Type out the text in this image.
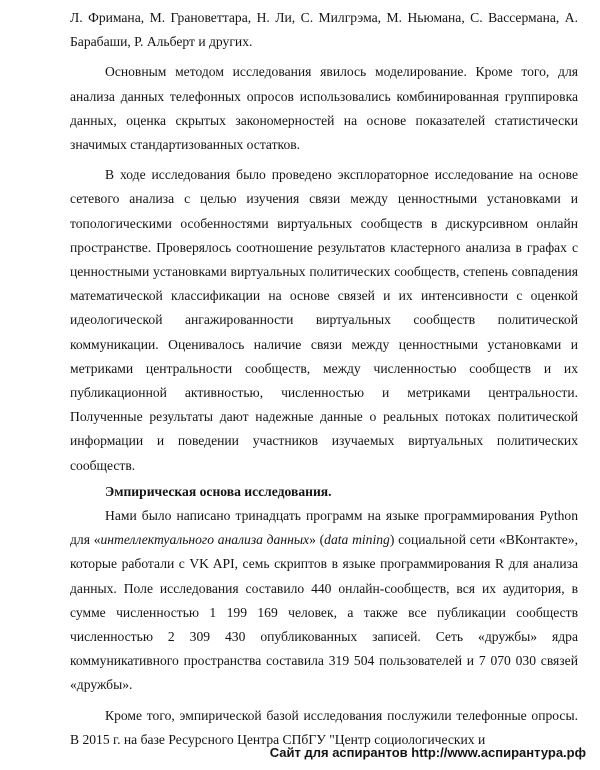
Л. Фримана, М. Грановеттара, Н. Ли, С. Милгрэма, М. Ньюмана, С. Вассермана, А. Барабаши, Р. Альберт и других.

Основным методом исследования явилось моделирование. Кроме того, для анализа данных телефонных опросов использовались комбинированная группировка данных, оценка скрытых закономерностей на основе показателей статистически значимых стандартизованных остатков.

В ходе исследования было проведено эксплораторное исследование на основе сетевого анализа с целью изучения связи между ценностными установками и топологическими особенностями виртуальных сообществ в дискурсивном онлайн пространстве. Проверялось соотношение результатов кластерного анализа в графах с ценностными установками виртуальных политических сообществ, степень совпадения математической классификации на основе связей и их интенсивности с оценкой идеологической ангажированности виртуальных сообществ политической коммуникации. Оценивалось наличие связи между ценностными установками и метриками центральности сообществ, между численностью сообществ и их публикационной активностью, численностью и метриками центральности. Полученные результаты дают надежные данные о реальных потоках политической информации и поведении участников изучаемых виртуальных политических сообществ.

Эмпирическая основа исследования.

Нами было написано тринадцать программ на языке программирования Python для «интеллектуального анализа данных» (data mining) социальной сети «ВКонтакте», которые работали с VK API, семь скриптов в языке программирования R для анализа данных. Поле исследования составило 440 онлайн-сообществ, вся их аудитория, в сумме численностью 1 199 169 человек, а также все публикации сообществ численностью 2 309 430 опубликованных записей. Сеть «дружбы» ядра коммуникативного пространства составила 319 504 пользователей и 7 070 030 связей «дружбы».

Кроме того, эмпирической базой исследования послужили телефонные опросы. В 2015 г. на базе Ресурсного Центра СПбГУ "Центр социологических и

Сайт для аспирантов http://www.аспирантура.рф
